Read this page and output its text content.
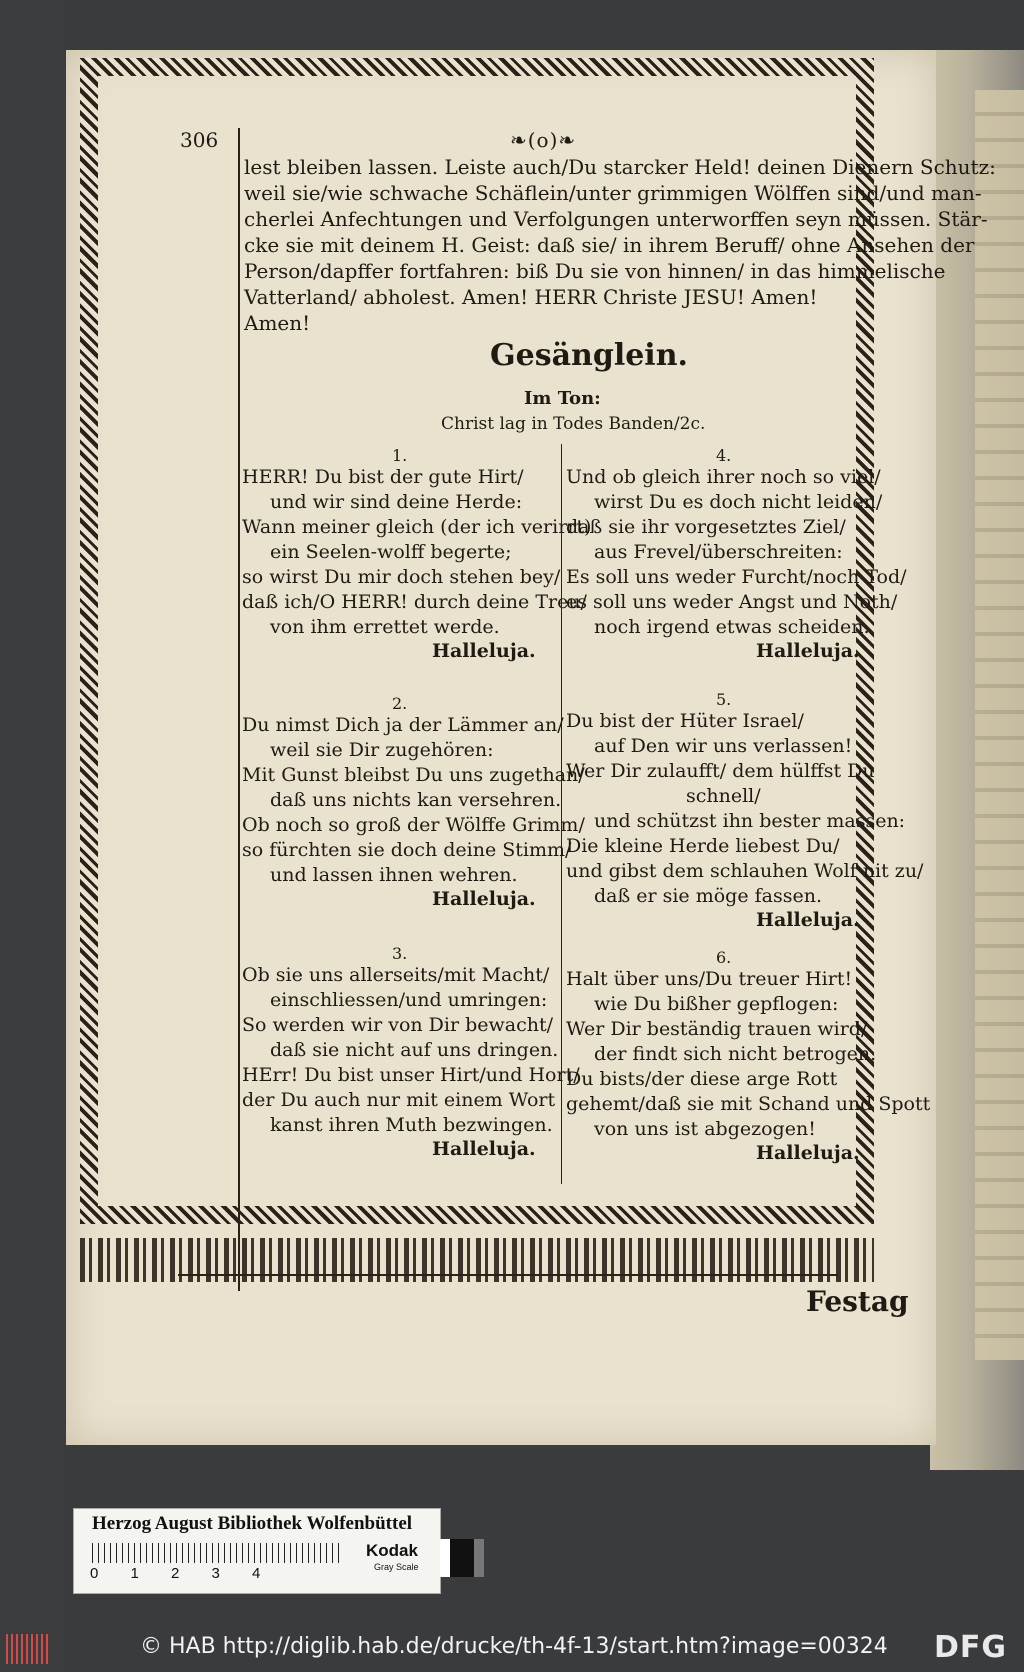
306	❧(o)❧
lest bleiben lassen. Leiste auch/Du starcker Held! deinen Dienern Schutz:
weil sie/wie schwache Schäflein/unter grimmigen Wölffen sind/und man-
cherlei Anfechtungen und Verfolgungen unterworffen seyn müssen. Stär-
cke sie mit deinem H. Geist: daß sie/ in ihrem Beruff/ ohne Ansehen der
Person/dapffer fortfahren: biß Du sie von hinnen/ in das himmelische
Vatterland/ abholest. Amen! HERR Christe JESU! Amen!
Amen!
Gesänglein.
Im Ton:
Christ lag in Todes Banden/2c.
1.
HERR! Du bist der gute Hirt/
und wir sind deine Herde:
Wann meiner gleich (der ich verirrt)
ein Seelen-wolff begerte;
so wirst Du mir doch stehen bey/
daß ich/O HERR! durch deine Treu/
von ihm errettet werde.
Halleluja.
2.
Du nimst Dich ja der Lämmer an/
weil sie Dir zugehören:
Mit Gunst bleibst Du uns zugethan/
daß uns nichts kan versehren.
Ob noch so groß der Wölffe Grimm/
so fürchten sie doch deine Stimm/
und lassen ihnen wehren.
Halleluja.
3.
Ob sie uns allerseits/mit Macht/
einschliessen/und umringen:
So werden wir von Dir bewacht/
daß sie nicht auf uns dringen.
HErr! Du bist unser Hirt/und Hort/
der Du auch nur mit einem Wort
kanst ihren Muth bezwingen.
Halleluja.
4.
Und ob gleich ihrer noch so viel/
wirst Du es doch nicht leiden/
daß sie ihr vorgesetztes Ziel/
aus Frevel/überschreiten:
Es soll uns weder Furcht/noch Tod/
es soll uns weder Angst und Noth/
noch irgend etwas scheiden.
Halleluja.
5.
Du bist der Hüter Israel/
auf Den wir uns verlassen!
Wer Dir zulaufft/ dem hülffst Du
schnell/
und schützst ihn bester massen:
Die kleine Herde liebest Du/
und gibst dem schlauhen Wolf nit zu/
daß er sie möge fassen.
Halleluja.
6.
Halt über uns/Du treuer Hirt!
wie Du bißher gepflogen:
Wer Dir beständig trauen wird/
der findt sich nicht betrogen.
Du bists/der diese arge Rott
gehemt/daß sie mit Schand und Spott
von uns ist abgezogen!
Halleluja.
Festag
Herzog August Bibliothek Wolfenbüttel
0 1 2 3 4
Kodak
Gray Scale
© HAB http://diglib.hab.de/drucke/th-4f-13/start.htm?image=00324 DFG
